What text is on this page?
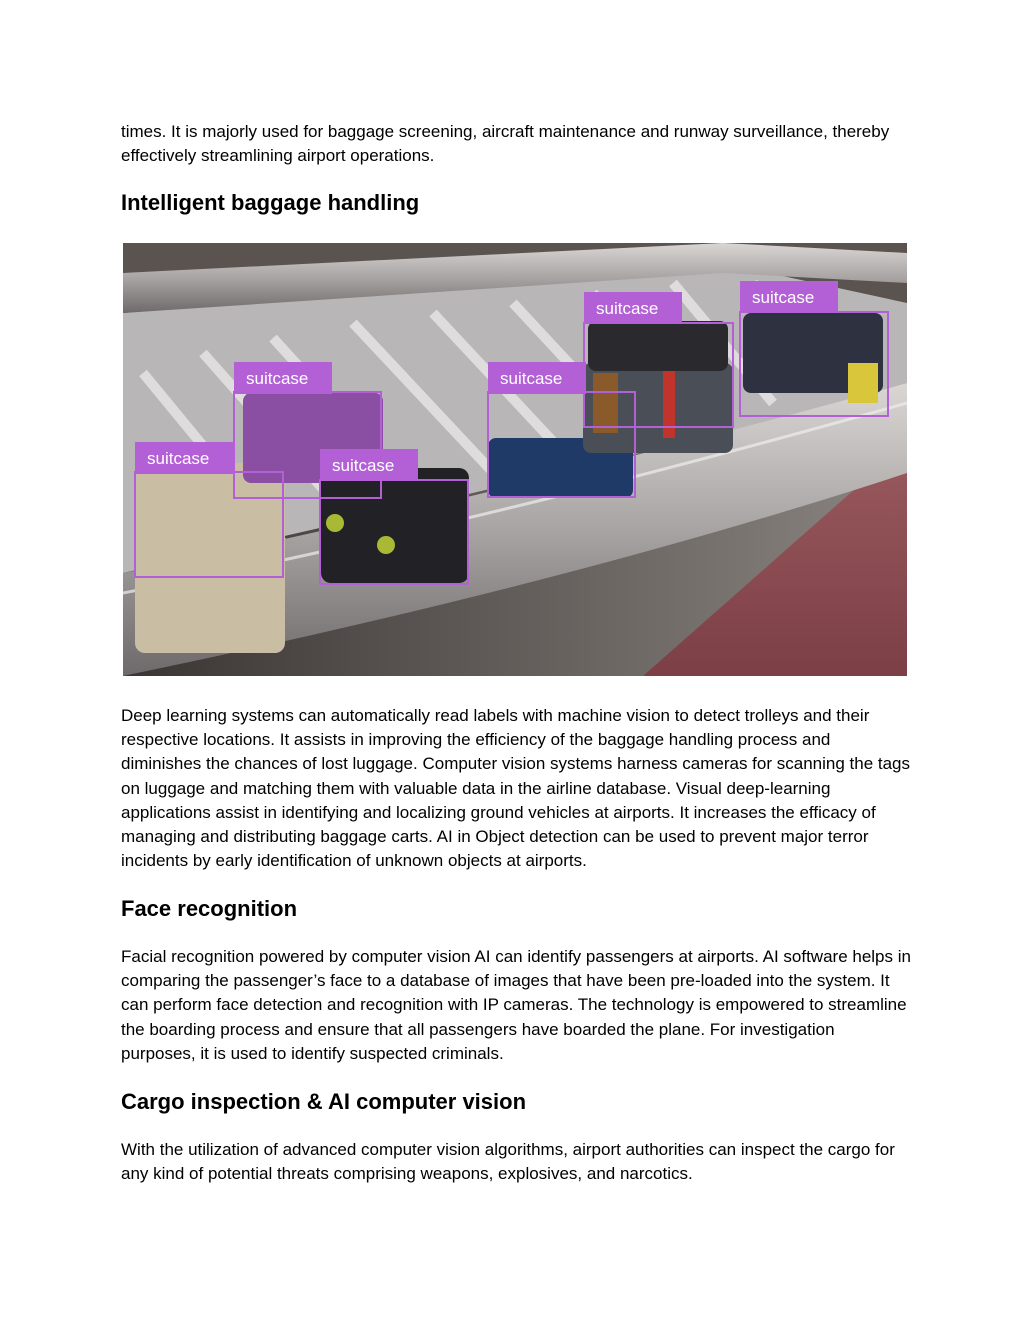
times. It is majorly used for baggage screening, aircraft maintenance and runway surveillance, thereby effectively streamlining airport operations.

Intelligent baggage handling
suitcase
suitcase
suitcase
suitcase
suitcase
suitcase

Deep learning systems can automatically read labels with machine vision to detect trolleys and their respective locations. It assists in improving the efficiency of the baggage handling process and diminishes the chances of lost luggage. Computer vision systems harness cameras for scanning the tags on luggage and matching them with valuable data in the airline database. Visual deep-learning applications assist in identifying and localizing ground vehicles at airports. It increases the efficacy of managing and distributing baggage carts. AI in Object detection can be used to prevent major terror incidents by early identification of unknown objects at airports.

Face recognition

Facial recognition powered by computer vision AI can identify passengers at airports. AI software helps in comparing the passenger’s face to a database of images that have been pre-loaded into the system. It can perform face detection and recognition with IP cameras. The technology is empowered to streamline the boarding process and ensure that all passengers have boarded the plane. For investigation purposes, it is used to identify suspected criminals.

Cargo inspection & AI computer vision

With the utilization of advanced computer vision algorithms, airport authorities can inspect the cargo for any kind of potential threats comprising weapons, explosives, and narcotics.
